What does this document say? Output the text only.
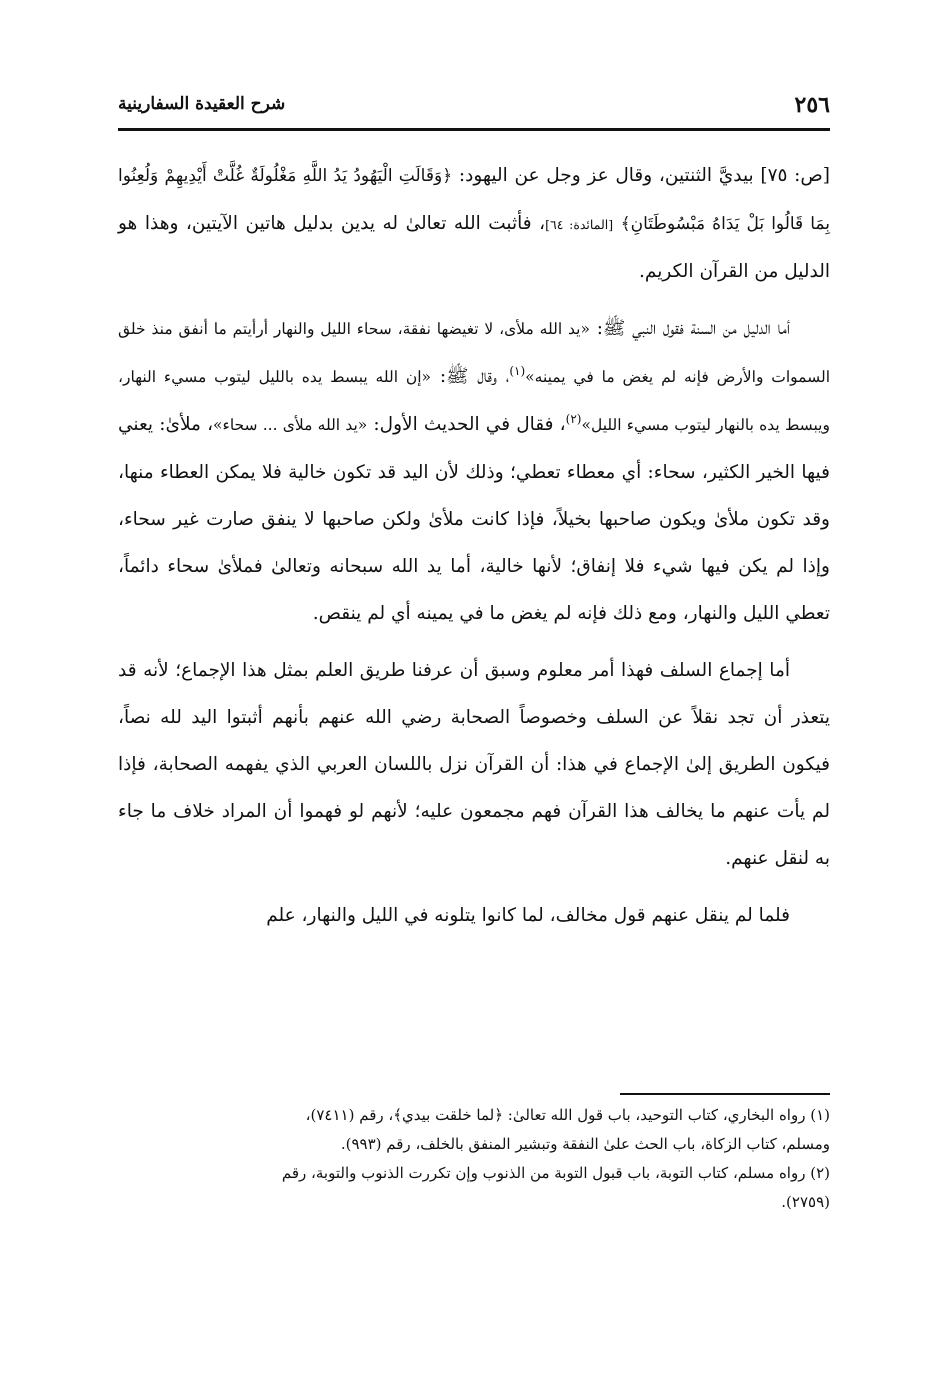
٢٥٦
شرح العقيدة السفارينية

[ص: ٧٥] بيديَّ الثنتين، وقال عز وجل عن اليهود: ﴿وَقَالَتِ الْيَهُودُ يَدُ اللَّهِ مَغْلُولَةٌ غُلَّتْ أَيْدِيهِمْ وَلُعِنُوا بِمَا قَالُوا بَلْ يَدَاهُ مَبْسُوطَتَانِ﴾ [المائدة: ٦٤]، فأثبت الله تعالىٰ له يدين بدليل هاتين الآيتين، وهذا هو الدليل من القرآن الكريم.

أما الدليل من السنة فقول النبي ﷺ: «يد الله ملأى، لا تغيضها نفقة، سحاء الليل والنهار أرأيتم ما أنفق منذ خلق السموات والأرض فإنه لم يغض ما في يمينه»$^{(١)}$، وقال ﷺ: «إن الله يبسط يده بالليل ليتوب مسيء النهار، ويبسط يده بالنهار ليتوب مسيء الليل»$^{(٢)}$، فقال في الحديث الأول: «يد الله ملأى ... سحاء»، ملأىٰ: يعني فيها الخير الكثير، سحاء: أي معطاء تعطي؛ وذلك لأن اليد قد تكون خالية فلا يمكن العطاء منها، وقد تكون ملأىٰ ويكون صاحبها بخيلاً، فإذا كانت ملأىٰ ولكن صاحبها لا ينفق صارت غير سحاء، وإذا لم يكن فيها شيء فلا إنفاق؛ لأنها خالية، أما يد الله سبحانه وتعالىٰ فملأىٰ سحاء دائماً، تعطي الليل والنهار، ومع ذلك فإنه لم يغض ما في يمينه أي لم ينقص.

أما إجماع السلف فهذا أمر معلوم وسبق أن عرفنا طريق العلم بمثل هذا الإجماع؛ لأنه قد يتعذر أن تجد نقلاً عن السلف وخصوصاً الصحابة رضي الله عنهم بأنهم أثبتوا اليد لله نصاً، فيكون الطريق إلىٰ الإجماع في هذا: أن القرآن نزل باللسان العربي الذي يفهمه الصحابة، فإذا لم يأت عنهم ما يخالف هذا القرآن فهم مجمعون عليه؛ لأنهم لو فهموا أن المراد خلاف ما جاء به لنقل عنهم.

فلما لم ينقل عنهم قول مخالف، لما كانوا يتلونه في الليل والنهار، علم

(١) رواه البخاري، كتاب التوحيد، باب قول الله تعالىٰ: ﴿لما خلقت بيدي﴾، رقم (٧٤١١)،

ومسلم، كتاب الزكاة، باب الحث علىٰ النفقة وتبشير المنفق بالخلف، رقم (٩٩٣).

(٢) رواه مسلم، كتاب التوبة، باب قبول التوبة من الذنوب وإن تكررت الذنوب والتوبة، رقم

(٢٧٥٩).
